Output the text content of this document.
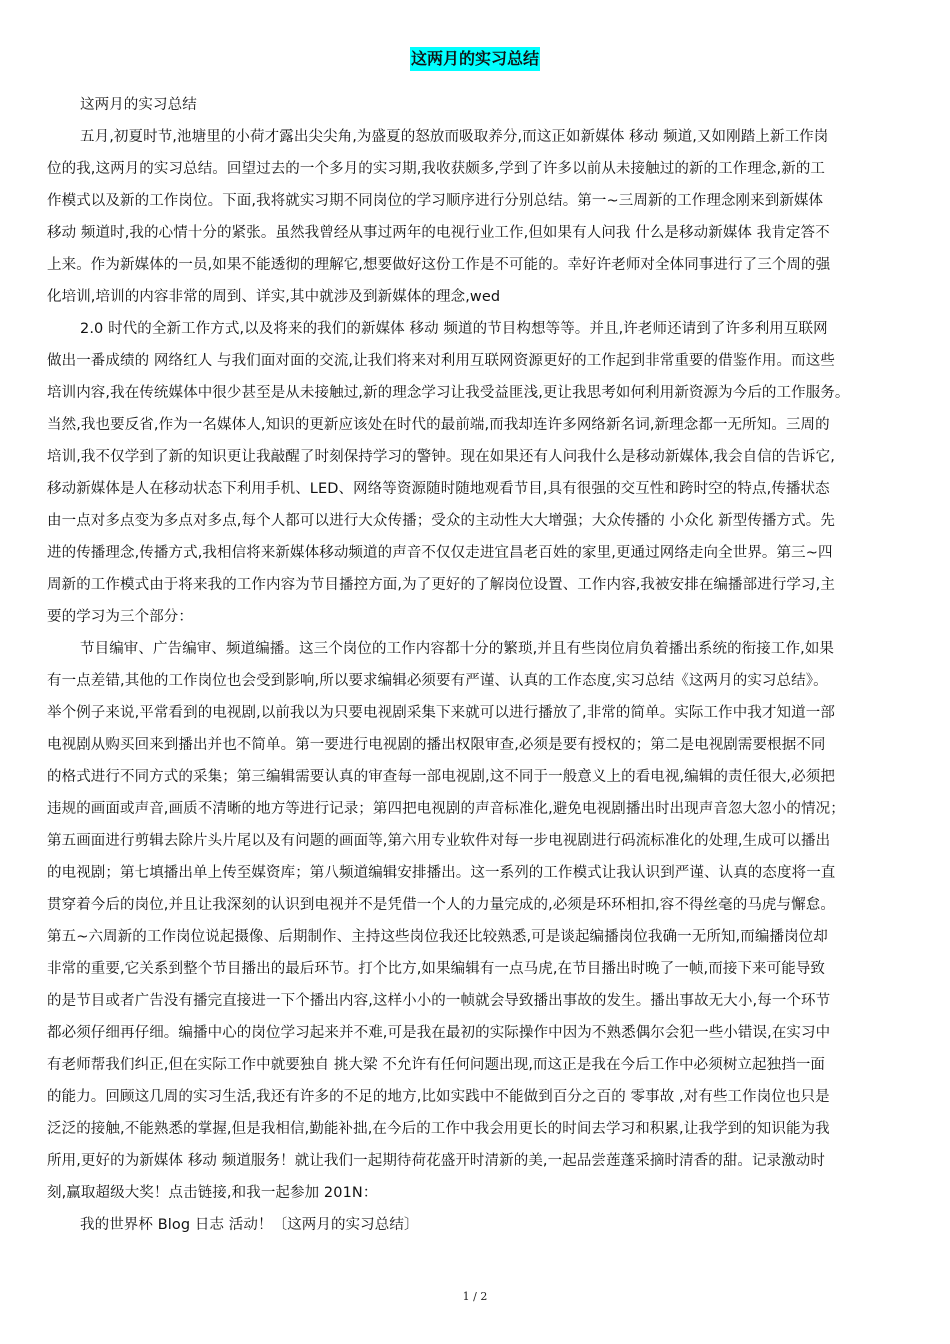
这两月的实习总结
这两月的实习总结
五月,初夏时节,池塘里的小荷才露出尖尖角,为盛夏的怒放而吸取养分,而这正如新媒体 移动 频道,又如刚踏上新工作岗
位的我,这两月的实习总结。回望过去的一个多月的实习期,我收获颇多,学到了许多以前从未接触过的新的工作理念,新的工
作模式以及新的工作岗位。下面,我将就实习期不同岗位的学习顺序进行分别总结。第一~三周新的工作理念刚来到新媒体
移动 频道时,我的心情十分的紧张。虽然我曾经从事过两年的电视行业工作,但如果有人问我 什么是移动新媒体 我肯定答不
上来。作为新媒体的一员,如果不能透彻的理解它,想要做好这份工作是不可能的。幸好许老师对全体同事进行了三个周的强
化培训,培训的内容非常的周到、详实,其中就涉及到新媒体的理念,wed
2.0 时代的全新工作方式,以及将来的我们的新媒体 移动 频道的节目构想等等。并且,许老师还请到了许多利用互联网
做出一番成绩的 网络红人 与我们面对面的交流,让我们将来对利用互联网资源更好的工作起到非常重要的借鉴作用。而这些
培训内容,我在传统媒体中很少甚至是从未接触过,新的理念学习让我受益匪浅,更让我思考如何利用新资源为今后的工作服务。
当然,我也要反省,作为一名媒体人,知识的更新应该处在时代的最前端,而我却连许多网络新名词,新理念都一无所知。三周的
培训,我不仅学到了新的知识更让我敲醒了时刻保持学习的警钟。现在如果还有人问我什么是移动新媒体,我会自信的告诉它,
移动新媒体是人在移动状态下利用手机、LED、网络等资源随时随地观看节目,具有很强的交互性和跨时空的特点,传播状态
由一点对多点变为多点对多点,每个人都可以进行大众传播；受众的主动性大大增强；大众传播的 小众化 新型传播方式。先
进的传播理念,传播方式,我相信将来新媒体移动频道的声音不仅仅走进宜昌老百姓的家里,更通过网络走向全世界。第三~四
周新的工作模式由于将来我的工作内容为节目播控方面,为了更好的了解岗位设置、工作内容,我被安排在编播部进行学习,主
要的学习为三个部分：
节目编审、广告编审、频道编播。这三个岗位的工作内容都十分的繁琐,并且有些岗位肩负着播出系统的衔接工作,如果
有一点差错,其他的工作岗位也会受到影响,所以要求编辑必须要有严谨、认真的工作态度,实习总结《这两月的实习总结》。
举个例子来说,平常看到的电视剧,以前我以为只要电视剧采集下来就可以进行播放了,非常的简单。实际工作中我才知道一部
电视剧从购买回来到播出并也不简单。第一要进行电视剧的播出权限审查,必须是要有授权的；第二是电视剧需要根据不同
的格式进行不同方式的采集；第三编辑需要认真的审查每一部电视剧,这不同于一般意义上的看电视,编辑的责任很大,必须把
违规的画面或声音,画质不清晰的地方等进行记录；第四把电视剧的声音标准化,避免电视剧播出时出现声音忽大忽小的情况；
第五画面进行剪辑去除片头片尾以及有问题的画面等,第六用专业软件对每一步电视剧进行码流标准化的处理,生成可以播出
的电视剧；第七填播出单上传至媒资库；第八频道编辑安排播出。这一系列的工作模式让我认识到严谨、认真的态度将一直
贯穿着今后的岗位,并且让我深刻的认识到电视并不是凭借一个人的力量完成的,必须是环环相扣,容不得丝毫的马虎与懈怠。
第五~六周新的工作岗位说起摄像、后期制作、主持这些岗位我还比较熟悉,可是谈起编播岗位我确一无所知,而编播岗位却
非常的重要,它关系到整个节目播出的最后环节。打个比方,如果编辑有一点马虎,在节目播出时晚了一帧,而接下来可能导致
的是节目或者广告没有播完直接进一下个播出内容,这样小小的一帧就会导致播出事故的发生。播出事故无大小,每一个环节
都必须仔细再仔细。编播中心的岗位学习起来并不难,可是我在最初的实际操作中因为不熟悉偶尔会犯一些小错误,在实习中
有老师帮我们纠正,但在实际工作中就要独自 挑大梁 不允许有任何问题出现,而这正是我在今后工作中必须树立起独挡一面
的能力。回顾这几周的实习生活,我还有许多的不足的地方,比如实践中不能做到百分之百的 零事故 ,对有些工作岗位也只是
泛泛的接触,不能熟悉的掌握,但是我相信,勤能补拙,在今后的工作中我会用更长的时间去学习和积累,让我学到的知识能为我
所用,更好的为新媒体 移动 频道服务！就让我们一起期待荷花盛开时清新的美,一起品尝莲蓬采摘时清香的甜。记录激动时
刻,赢取超级大奖！点击链接,和我一起参加 201N：
我的世界杯 Blog 日志 活动！〔这两月的实习总结〕
1 / 2
